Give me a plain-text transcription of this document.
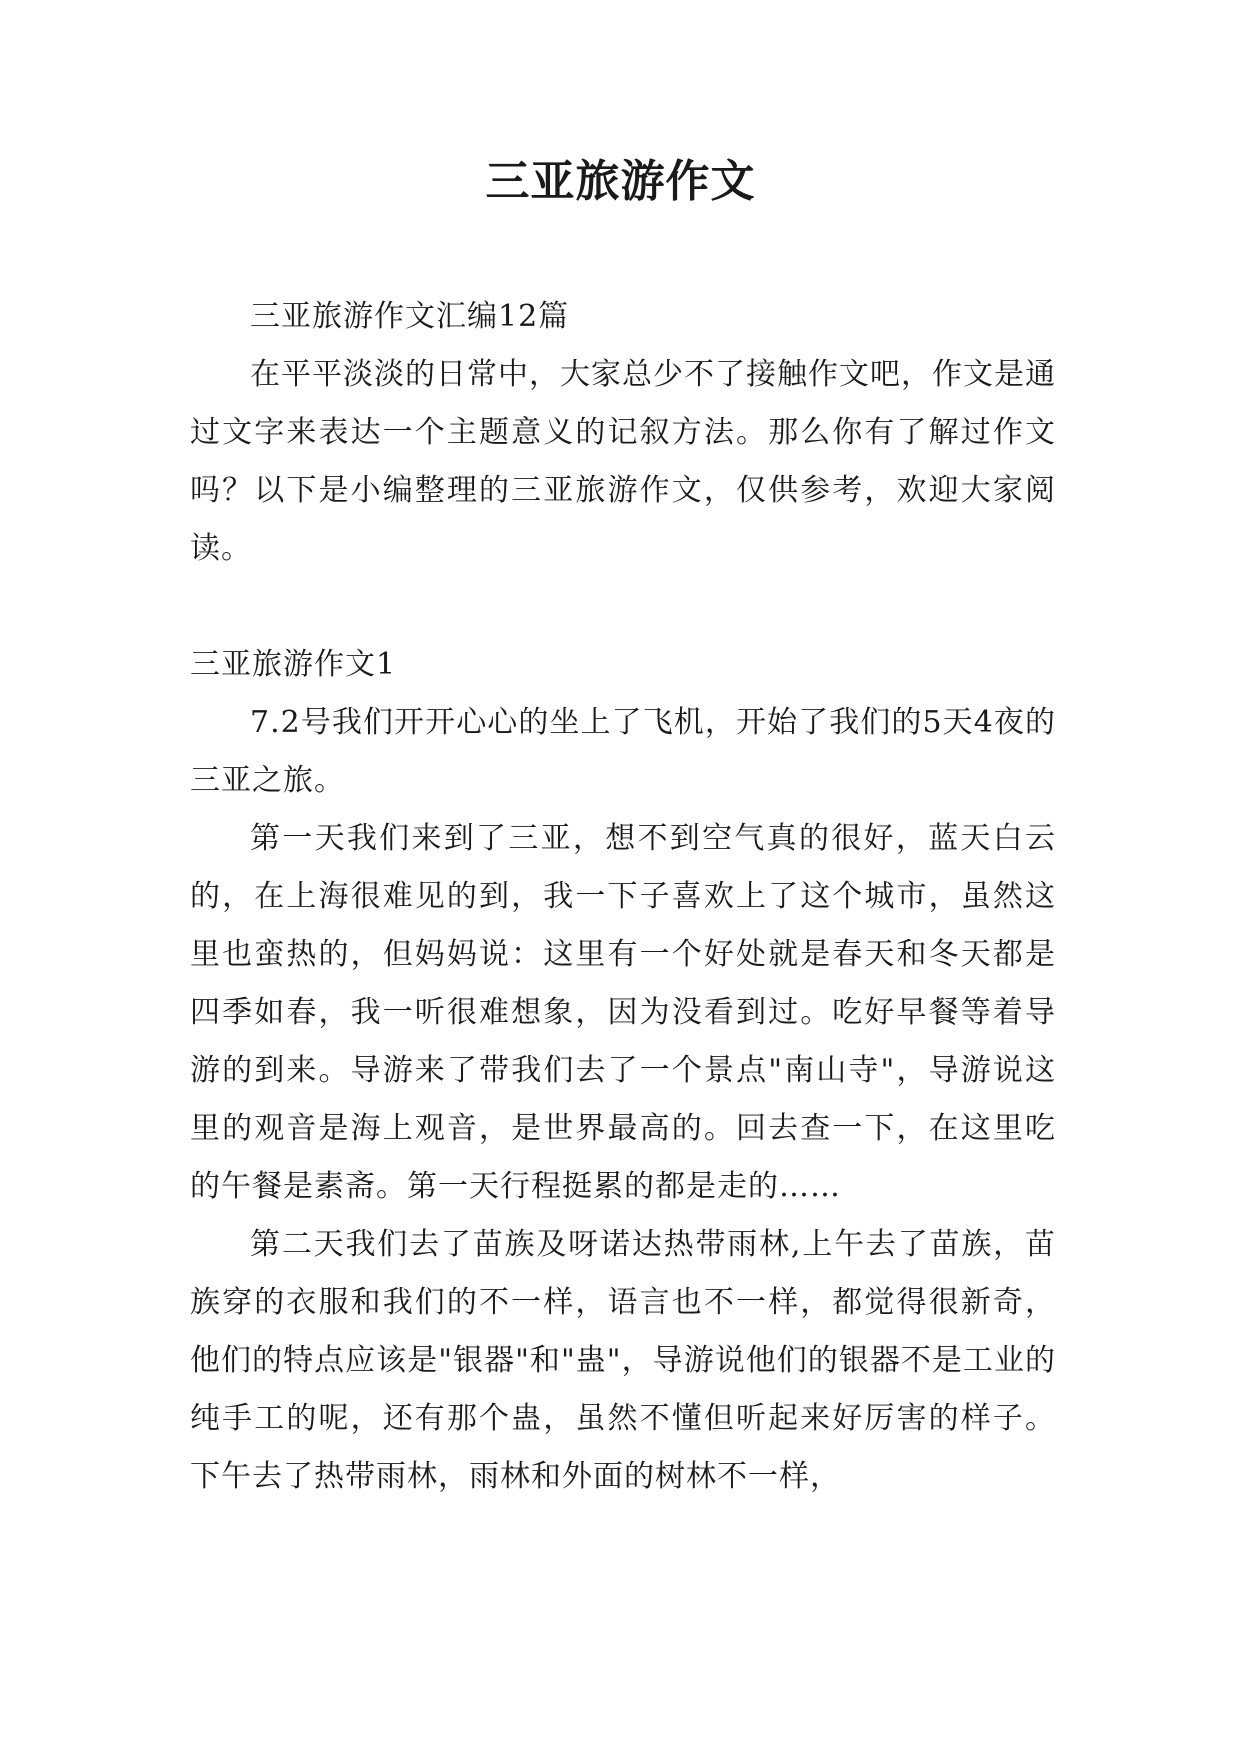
三亚旅游作文

三亚旅游作文汇编12篇

在平平淡淡的日常中，大家总少不了接触作文吧，作文是通过文字来表达一个主题意义的记叙方法。那么你有了解过作文吗？以下是小编整理的三亚旅游作文，仅供参考，欢迎大家阅读。

三亚旅游作文1

7.2号我们开开心心的坐上了飞机，开始了我们的5天4夜的三亚之旅。

第一天我们来到了三亚，想不到空气真的很好，蓝天白云的，在上海很难见的到，我一下子喜欢上了这个城市，虽然这里也蛮热的，但妈妈说：这里有一个好处就是春天和冬天都是四季如春，我一听很难想象，因为没看到过。吃好早餐等着导游的到来。导游来了带我们去了一个景点"南山寺"，导游说这里的观音是海上观音，是世界最高的。回去查一下，在这里吃的午餐是素斋。第一天行程挺累的都是走的……

第二天我们去了苗族及呀诺达热带雨林,上午去了苗族，苗族穿的衣服和我们的不一样，语言也不一样，都觉得很新奇，他们的特点应该是"银器"和"蛊"，导游说他们的银器不是工业的纯手工的呢，还有那个蛊，虽然不懂但听起来好厉害的样子。下午去了热带雨林，雨林和外面的树林不一样，
